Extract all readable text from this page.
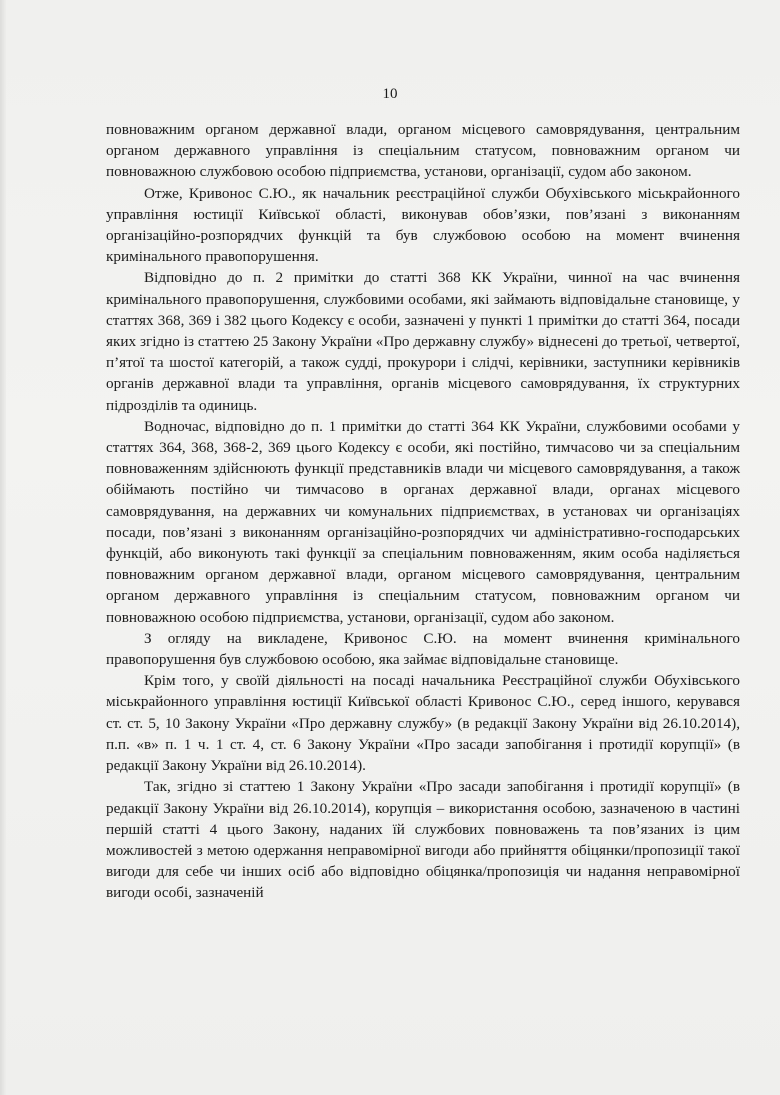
10

повноважним органом державної влади, органом місцевого самоврядування, центральним органом державного управління із спеціальним статусом, повноважним органом чи повноважною службовою особою підприємства, установи, організації, судом або законом.

Отже, Кривонос С.Ю., як начальник реєстраційної служби Обухівського міськрайонного управління юстиції Київської області, виконував обов’язки, пов’язані з виконанням організаційно-розпорядчих функцій та був службовою особою на момент вчинення кримінального правопорушення.

Відповідно до п. 2 примітки до статті 368 КК України, чинної на час вчинення кримінального правопорушення, службовими особами, які займають відповідальне становище, у статтях 368, 369 і 382 цього Кодексу є особи, зазначені у пункті 1 примітки до статті 364, посади яких згідно із статтею 25 Закону України «Про державну службу» віднесені до третьої, четвертої, п’ятої та шостої категорій, а також судді, прокурори і слідчі, керівники, заступники керівників органів державної влади та управління, органів місцевого самоврядування, їх структурних підрозділів та одиниць.

Водночас, відповідно до п. 1 примітки до статті 364 КК України, службовими особами у статтях 364, 368, 368-2, 369 цього Кодексу є особи, які постійно, тимчасово чи за спеціальним повноваженням здійснюють функції представників влади чи місцевого самоврядування, а також обіймають постійно чи тимчасово в органах державної влади, органах місцевого самоврядування, на державних чи комунальних підприємствах, в установах чи організаціях посади, пов’язані з виконанням організаційно-розпорядчих чи адміністративно-господарських функцій, або виконують такі функції за спеціальним повноваженням, яким особа наділяється повноважним органом державної влади, органом місцевого самоврядування, центральним органом державного управління із спеціальним статусом, повноважним органом чи повноважною особою підприємства, установи, організації, судом або законом.

З огляду на викладене, Кривонос С.Ю. на момент вчинення кримінального правопорушення був службовою особою, яка займає відповідальне становище.

Крім того, у своїй діяльності на посаді начальника Реєстраційної служби Обухівського міськрайонного управління юстиції Київської області Кривонос С.Ю., серед іншого, керувався ст. ст. 5, 10 Закону України «Про державну службу» (в редакції Закону України від 26.10.2014), п.п. «в» п. 1 ч. 1 ст. 4, ст. 6 Закону України «Про засади запобігання і протидії корупції» (в редакції Закону України від 26.10.2014).

Так, згідно зі статтею 1 Закону України «Про засади запобігання і протидії корупції» (в редакції Закону України від 26.10.2014), корупція – використання особою, зазначеною в частині першій статті 4 цього Закону, наданих їй службових повноважень та пов’язаних із цим можливостей з метою одержання неправомірної вигоди або прийняття обіцянки/пропозиції такої вигоди для себе чи інших осіб або відповідно обіцянка/пропозиція чи надання неправомірної вигоди особі, зазначеній
